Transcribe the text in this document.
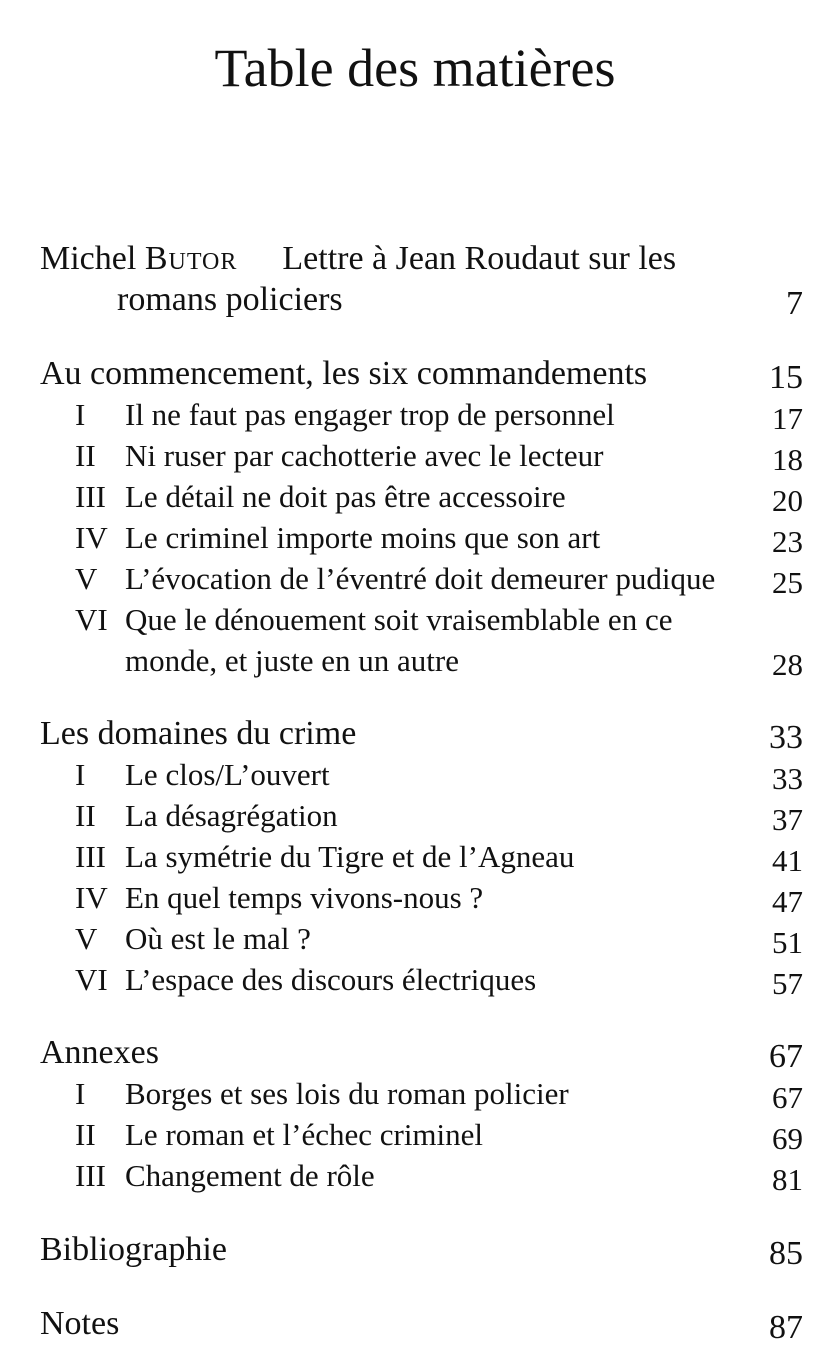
Table des matières
Michel Butor Lettre à Jean Roudaut sur les
romans policiers	7
Au commencement, les six commandements	15
I	Il ne faut pas engager trop de personnel	17
II Ni ruser par cachotterie avec le lecteur	18
III Le détail ne doit pas être accessoire	20
IV Le criminel importe moins que son art	23
V L’évocation de l’éventré doit demeurer pudique 25
VI Que le dénouement soit vraisemblable en ce
monde, et juste en un autre	28
Les domaines du crime	33
I	Le clos/L’ouvert	33
II La désagrégation	37
III La symétrie du Tigre et de l’Agneau	41
IV En quel temps vivons-nous ?	47
V Où est le mal ?	51
VI L’espace des discours électriques	57
Annexes	67
I	Borges et ses lois du roman policier	67
II Le roman et l’échec criminel	69
III Changement de rôle	81
Bibliographie	85
Notes	87
